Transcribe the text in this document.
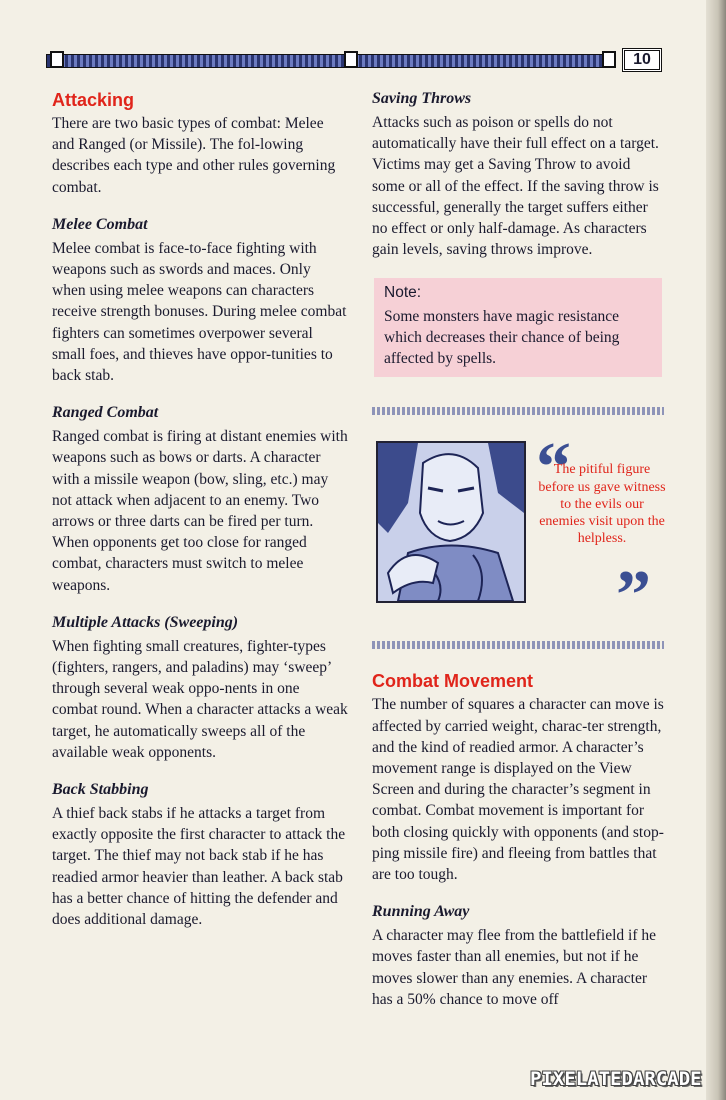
10
Attacking

There are two basic types of combat: Melee and Ranged (or Missile). The fol-lowing describes each type and other rules governing combat.

Melee Combat

Melee combat is face-to-face fighting with weapons such as swords and maces. Only when using melee weapons can characters receive strength bonuses. During melee combat fighters can sometimes overpower several small foes, and thieves have oppor-tunities to back stab.

Ranged Combat

Ranged combat is firing at distant enemies with weapons such as bows or darts. A character with a missile weapon (bow, sling, etc.) may not attack when adjacent to an enemy. Two arrows or three darts can be fired per turn. When opponents get too close for ranged combat, characters must switch to melee weapons.

Multiple Attacks (Sweeping)

When fighting small creatures, fighter-types (fighters, rangers, and paladins) may ‘sweep’ through several weak oppo-nents in one combat round. When a character attacks a weak target, he automatically sweeps all of the available weak opponents.

Back Stabbing

A thief back stabs if he attacks a target from exactly opposite the first character to attack the target. The thief may not back stab if he has readied armor heavier than leather. A back stab has a better chance of hitting the defender and does additional damage.

Saving Throws

Attacks such as poison or spells do not automatically have their full effect on a target. Victims may get a Saving Throw to avoid some or all of the effect. If the saving throw is successful, generally the target suffers either no effect or only half-damage. As characters gain levels, saving throws improve.

Note:

Some monsters have magic resistance which decreases their chance of being affected by spells.

“
The pitiful figure before us gave witness to the evils our enemies visit upon the helpless.
”
Combat Movement

The number of squares a character can move is affected by carried weight, charac-ter strength, and the kind of readied armor. A character’s movement range is displayed on the View Screen and during the character’s segment in combat. Combat movement is important for both closing quickly with opponents (and stop-ping missile fire) and fleeing from battles that are too tough.

Running Away

A character may flee from the battlefield if he moves faster than all enemies, but not if he moves slower than any enemies. A character has a 50% chance to move off

PIXELATEDARCADE
